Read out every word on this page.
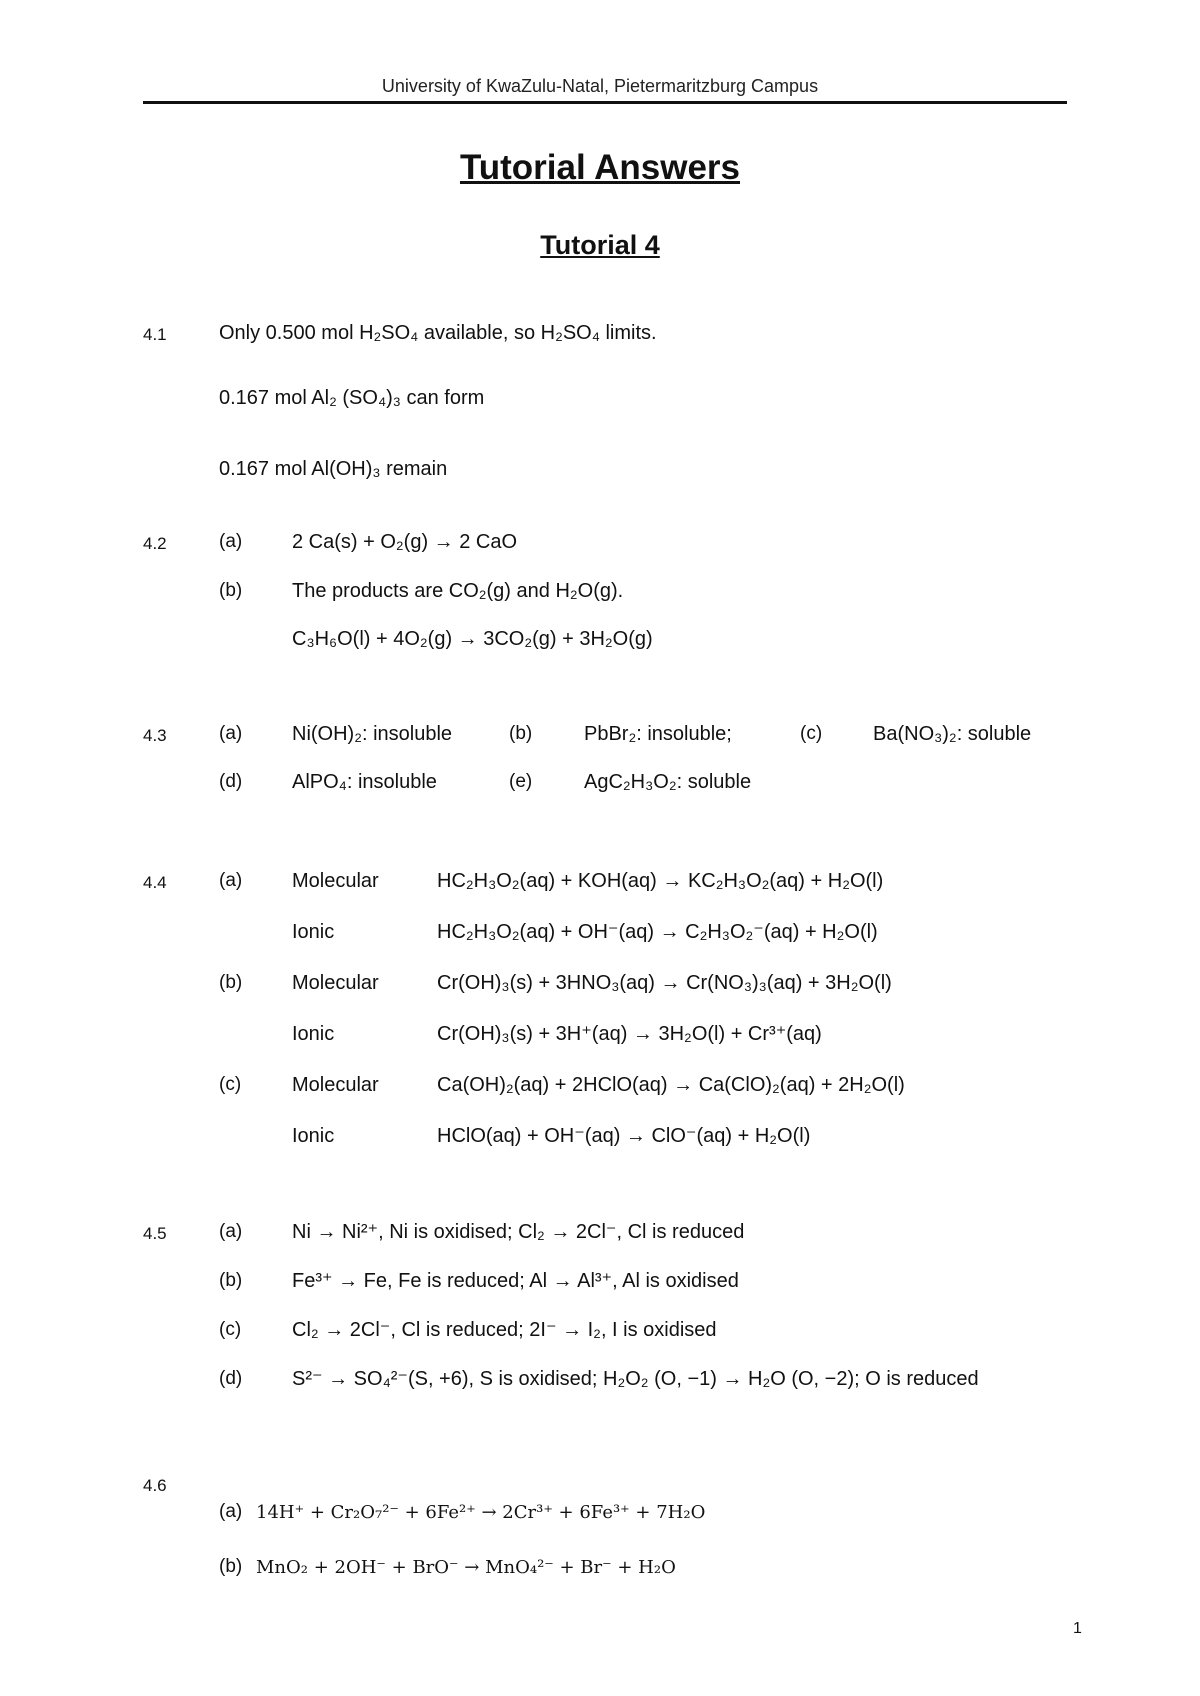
University of KwaZulu-Natal, Pietermaritzburg Campus
Tutorial Answers
Tutorial 4
4.1	Only 0.500 mol H₂SO₄ available, so H₂SO₄ limits.
0.167 mol Al₂ (SO₄)₃ can form
0.167 mol Al(OH)₃ remain
4.2	(a) 2 Ca(s) + O₂(g) → 2 CaO
(b) The products are CO₂(g) and H₂O(g).
C₃H₆O(l) + 4O₂(g) → 3CO₂(g) + 3H₂O(g)
4.3	(a) Ni(OH)₂: insoluble	(b)	PbBr₂: insoluble;	(c)	Ba(NO₃)₂: soluble
(d) AlPO₄: insoluble	(e)	AgC₂H₃O₂: soluble
4.4	(a) Molecular	HC₂H₃O₂(aq) + KOH(aq) → KC₂H₃O₂(aq) + H₂O(l)
Ionic	HC₂H₃O₂(aq) + OH⁻(aq) → C₂H₃O₂⁻(aq) + H₂O(l)
(b) Molecular	Cr(OH)₃(s) + 3HNO₃(aq) → Cr(NO₃)₃(aq) + 3H₂O(l)
Ionic	Cr(OH)₃(s) + 3H⁺(aq) → 3H₂O(l) + Cr³⁺(aq)
(c)	Molecular	Ca(OH)₂(aq) + 2HClO(aq) → Ca(ClO)₂(aq) + 2H₂O(l)
Ionic	HClO(aq) + OH⁻(aq) → ClO⁻(aq) + H₂O(l)
4.5	(a) Ni → Ni²⁺, Ni is oxidised; Cl₂ → 2Cl⁻, Cl is reduced
(b) Fe³⁺ → Fe, Fe is reduced; Al → Al³⁺, Al is oxidised
(c)	Cl₂ → 2Cl⁻, Cl is reduced; 2I⁻ → I₂, I is oxidised
(d) S²⁻ → SO₄²⁻(S, +6), S is oxidised; H₂O₂ (O, −1) → H₂O (O, −2); O is reduced
4.6
(a) 14H⁺ + Cr₂O₇²⁻ + 6Fe²⁺ → 2Cr³⁺ + 6Fe³⁺ + 7H₂O
(b) MnO₂ + 2OH⁻ + BrO⁻ → MnO₄²⁻ + Br⁻ + H₂O
1
